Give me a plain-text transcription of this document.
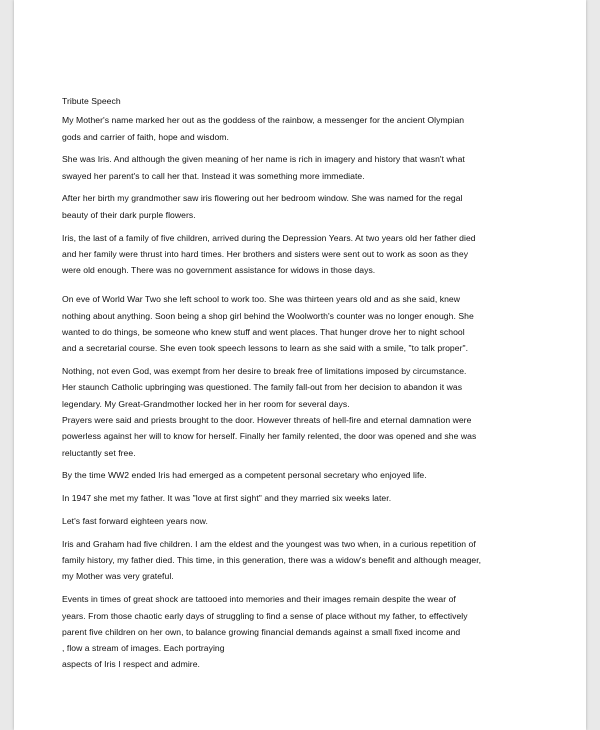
Tribute Speech
My Mother's name marked her out as the goddess of the rainbow, a messenger for the ancient Olympian
gods and carrier of faith, hope and wisdom.
She was Iris. And although the given meaning of her name is rich in imagery and history that wasn't what
swayed her parent's to call her that. Instead it was something more immediate.
After her birth my grandmother saw iris flowering out her bedroom window. She was named for the regal
beauty of their dark purple flowers.
Iris, the last of a family of five children, arrived during the Depression Years. At two years old her father died
and her family were thrust into hard times. Her brothers and sisters were sent out to work as soon as they
were old enough. There was no government assistance for widows in those days.
On eve of World War Two she left school to work too. She was thirteen years old and as she said, knew
nothing about anything. Soon being a shop girl behind the Woolworth's counter was no longer enough. She
wanted to do things, be someone who knew stuff and went places. That hunger drove her to night school
and a secretarial course. She even took speech lessons to learn as she said with a smile, "to talk proper".
Nothing, not even God, was exempt from her desire to break free of limitations imposed by circumstance.
Her staunch Catholic upbringing was questioned. The family fall-out from her decision to abandon it was
legendary. My Great-Grandmother locked her in her room for several days.
Prayers were said and priests brought to the door. However threats of hell-fire and eternal damnation were
powerless against her will to know for herself. Finally her family relented, the door was opened and she was
reluctantly set free.
By the time WW2 ended Iris had emerged as a competent personal secretary who enjoyed life.
In 1947 she met my father. It was "love at first sight" and they married six weeks later.
Let's fast forward eighteen years now.
Iris and Graham had five children. I am the eldest and the youngest was two when, in a curious repetition of
family history, my father died. This time, in this generation, there was a widow's benefit and although meager,
my Mother was very grateful.
Events in times of great shock are tattooed into memories and their images remain despite the wear of
years. From those chaotic early days of struggling to find a sense of place without my father, to effectively
parent five children on her own, to balance growing financial demands against a small fixed income and
, flow a stream of images. Each portraying
aspects of Iris I respect and admire.
